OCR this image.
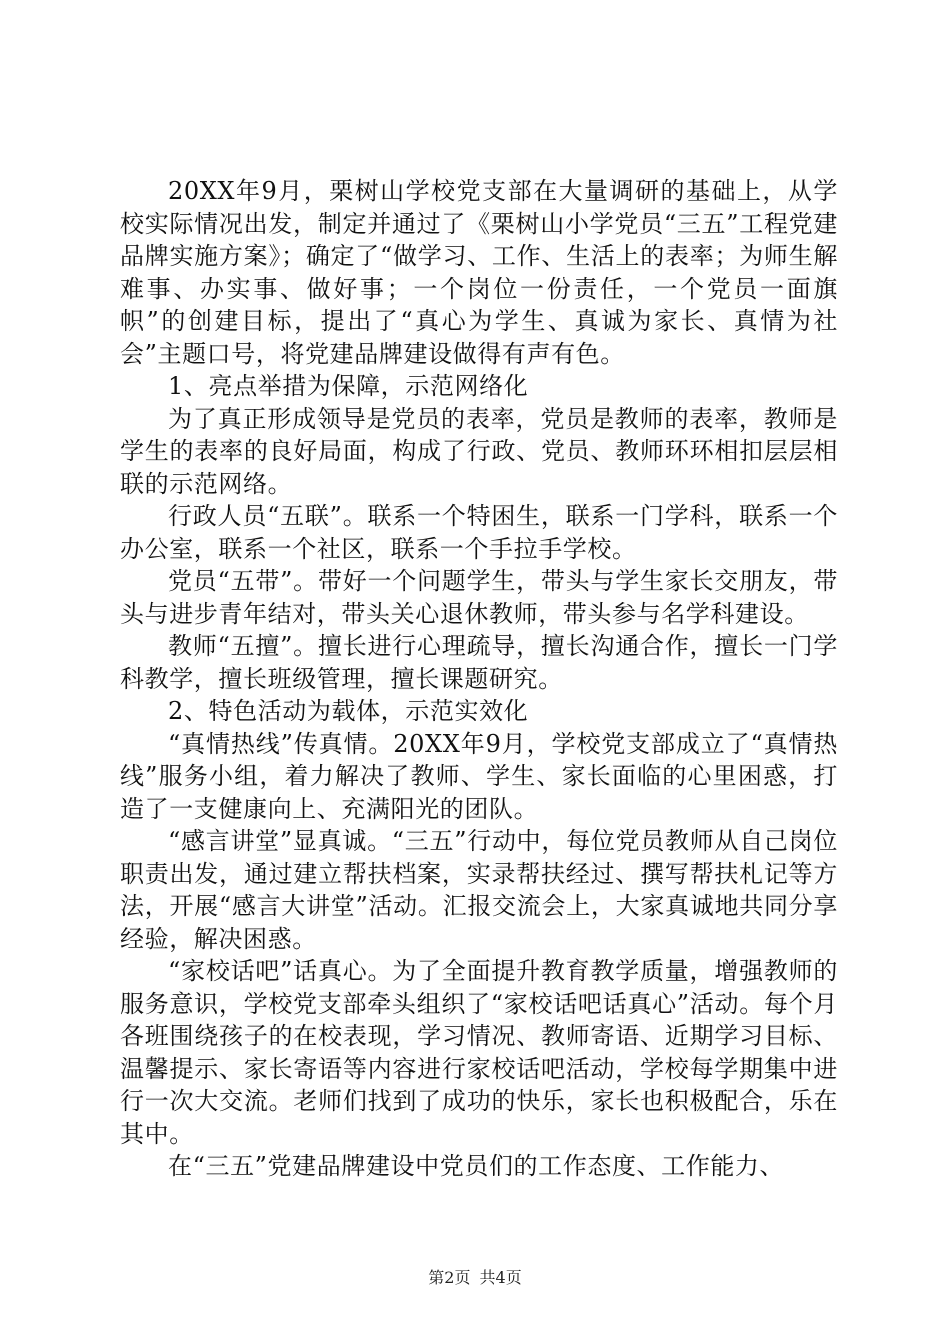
20XX年9月，栗树山学校党支部在大量调研的基础上，从学校实际情况出发，制定并通过了《栗树山小学党员“三五”工程党建品牌实施方案》；确定了“做学习、工作、生活上的表率；为师生解难事、办实事、做好事；一个岗位一份责任，一个党员一面旗帜”的创建目标，提出了“真心为学生、真诚为家长、真情为社会”主题口号，将党建品牌建设做得有声有色。

1、亮点举措为保障，示范网络化

为了真正形成领导是党员的表率，党员是教师的表率，教师是学生的表率的良好局面，构成了行政、党员、教师环环相扣层层相联的示范网络。

行政人员“五联”。联系一个特困生，联系一门学科，联系一个办公室，联系一个社区，联系一个手拉手学校。

党员“五带”。带好一个问题学生，带头与学生家长交朋友，带头与进步青年结对，带头关心退休教师，带头参与名学科建设。

教师“五擅”。擅长进行心理疏导，擅长沟通合作，擅长一门学科教学，擅长班级管理，擅长课题研究。

2、特色活动为载体，示范实效化

“真情热线”传真情。20XX年9月，学校党支部成立了“真情热线”服务小组，着力解决了教师、学生、家长面临的心里困惑，打造了一支健康向上、充满阳光的团队。

“感言讲堂”显真诚。“三五”行动中，每位党员教师从自己岗位职责出发，通过建立帮扶档案，实录帮扶经过、撰写帮扶札记等方法，开展“感言大讲堂”活动。汇报交流会上，大家真诚地共同分享经验，解决困惑。

“家校话吧”话真心。为了全面提升教育教学质量，增强教师的服务意识，学校党支部牵头组织了“家校话吧话真心”活动。每个月各班围绕孩子的在校表现，学习情况、教师寄语、近期学习目标、温馨提示、家长寄语等内容进行家校话吧活动，学校每学期集中进行一次大交流。老师们找到了成功的快乐，家长也积极配合，乐在其中。

在“三五”党建品牌建设中党员们的工作态度、工作能力、

第2页 共4页
